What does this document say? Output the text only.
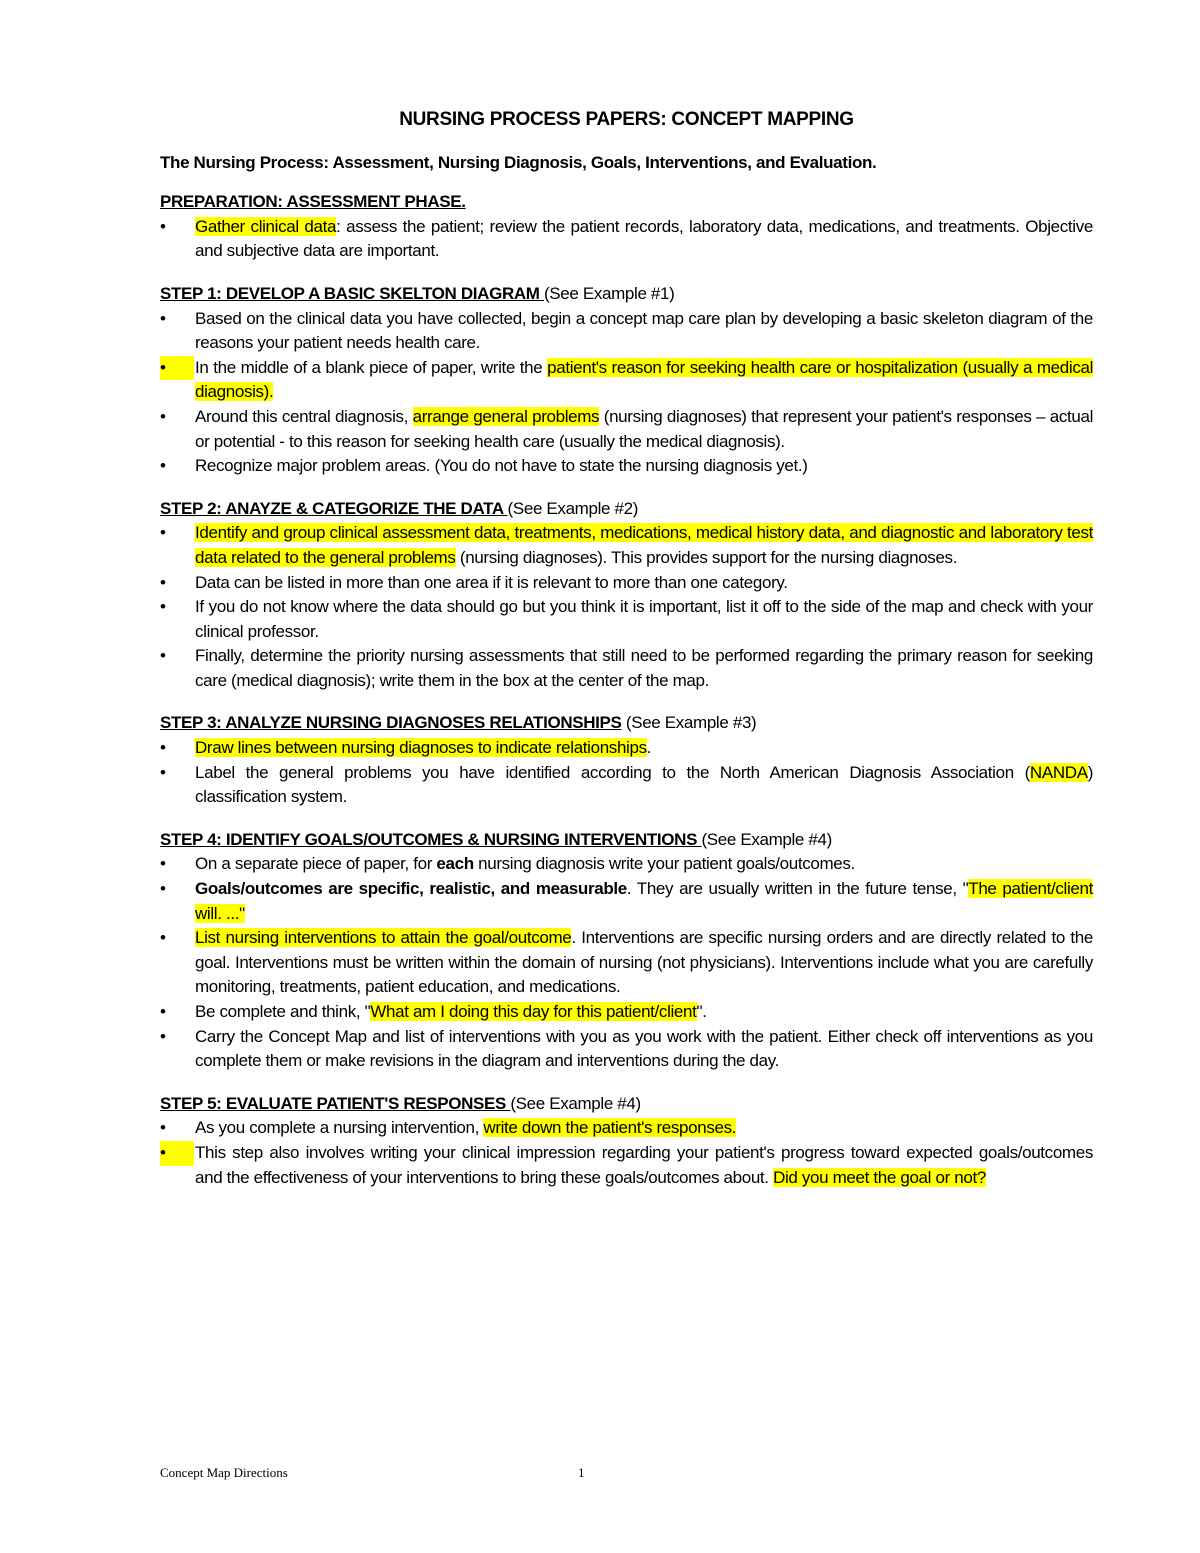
NURSING PROCESS PAPERS: CONCEPT MAPPING
The Nursing Process: Assessment, Nursing Diagnosis, Goals, Interventions, and Evaluation.
PREPARATION: ASSESSMENT PHASE.
•	Gather clinical data: assess the patient; review the patient records, laboratory data, medications, and treatments. Objective and subjective data are important.
STEP 1: DEVELOP A BASIC SKELTON DIAGRAM (See Example #1)
•	Based on the clinical data you have collected, begin a concept map care plan by developing a basic skeleton diagram of the reasons your patient needs health care.
•	In the middle of a blank piece of paper, write the patient's reason for seeking health care or hospitalization (usually a medical diagnosis).
•	Around this central diagnosis, arrange general problems (nursing diagnoses) that represent your patient's responses – actual or potential - to this reason for seeking health care (usually the medical diagnosis).
•	Recognize major problem areas. (You do not have to state the nursing diagnosis yet.)
STEP 2: ANAYZE & CATEGORIZE THE DATA (See Example #2)
•	Identify and group clinical assessment data, treatments, medications, medical history data, and diagnostic and laboratory test data related to the general problems (nursing diagnoses). This provides support for the nursing diagnoses.
•	Data can be listed in more than one area if it is relevant to more than one category.
•	If you do not know where the data should go but you think it is important, list it off to the side of the map and check with your clinical professor.
•	Finally, determine the priority nursing assessments that still need to be performed regarding the primary reason for seeking care (medical diagnosis); write them in the box at the center of the map.
STEP 3: ANALYZE NURSING DIAGNOSES RELATIONSHIPS (See Example #3)
•	Draw lines between nursing diagnoses to indicate relationships.
•	Label the general problems you have identified according to the North American Diagnosis Association (NANDA) classification system.
STEP 4: IDENTIFY GOALS/OUTCOMES & NURSING INTERVENTIONS (See Example #4)
•	On a separate piece of paper, for each nursing diagnosis write your patient goals/outcomes.
•	Goals/outcomes are specific, realistic, and measurable. They are usually written in the future tense, "The patient/client will. ..."
•	List nursing interventions to attain the goal/outcome. Interventions are specific nursing orders and are directly related to the goal. Interventions must be written within the domain of nursing (not physicians). Interventions include what you are carefully monitoring, treatments, patient education, and medications.
•	Be complete and think, "What am I doing this day for this patient/client".
•	Carry the Concept Map and list of interventions with you as you work with the patient. Either check off interventions as you complete them or make revisions in the diagram and interventions during the day.
STEP 5: EVALUATE PATIENT'S RESPONSES (See Example #4)
•	As you complete a nursing intervention, write down the patient's responses.
•	This step also involves writing your clinical impression regarding your patient's progress toward expected goals/outcomes and the effectiveness of your interventions to bring these goals/outcomes about. Did you meet the goal or not?
Concept Map Directions	1
